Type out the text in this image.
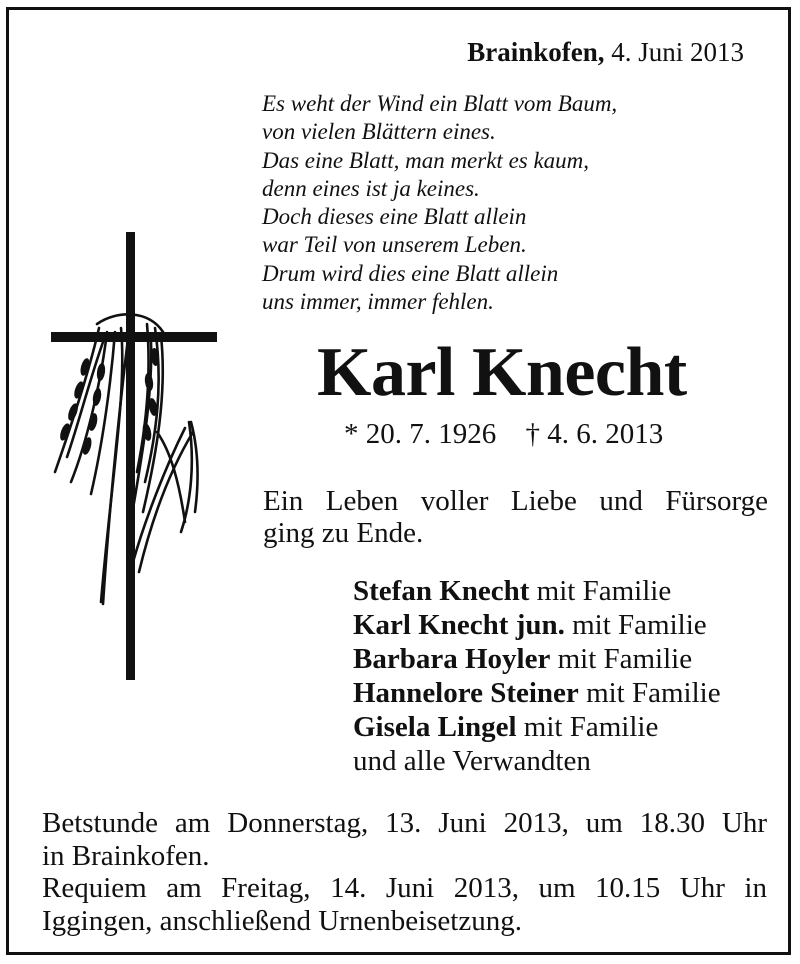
Brainkofen, 4. Juni 2013
Es weht der Wind ein Blatt vom Baum,
von vielen Blättern eines.
Das eine Blatt, man merkt es kaum,
denn eines ist ja keines.
Doch dieses eine Blatt allein
war Teil von unserem Leben.
Drum wird dies eine Blatt allein
uns immer, immer fehlen.
Karl Knecht
* 20. 7. 1926 † 4. 6. 2013
Ein Leben voller Liebe und Fürsorge
ging zu Ende.
Stefan Knecht mit Familie
Karl Knecht jun. mit Familie
Barbara Hoyler mit Familie
Hannelore Steiner mit Familie
Gisela Lingel mit Familie
und alle Verwandten
Betstunde am Donnerstag, 13. Juni 2013, um 18.30 Uhr
in Brainkofen.
Requiem am Freitag, 14. Juni 2013, um 10.15 Uhr in
Iggingen, anschließend Urnenbeisetzung.
